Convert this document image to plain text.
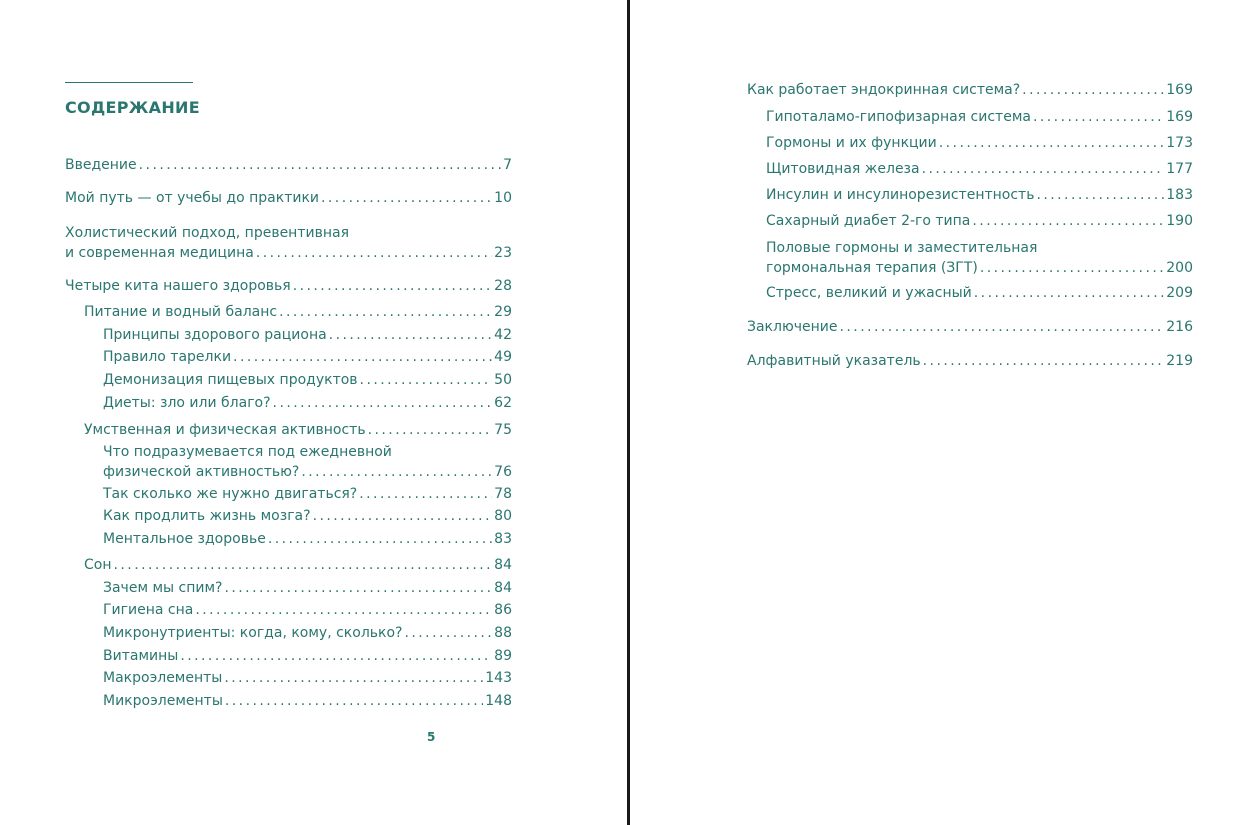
СОДЕРЖАНИЕ
Введение . . .	7
Мой путь — от учебы до практики . . .	10
Холистический подход, превентивная
и современная медицина . . .	23
Четыре кита нашего здоровья . . .	28
Питание и водный баланс . . .	29
Принципы здорового рациона . . .	42
Правило тарелки . . .	49
Демонизация пищевых продуктов . . .	50
Диеты: зло или благо? . . .	62
Умственная и физическая активность . . .	75
Что подразумевается под ежедневной
физической активностью? . . .	76
Так сколько же нужно двигаться? . . .	78
Как продлить жизнь мозга? . . .	80
Ментальное здоровье . . .	83
Сон . . .	84
Зачем мы спим? . . .	84
Гигиена сна . . .	86
Микронутриенты: когда, кому, сколько? . . .	88
Витамины . . .	89
Макроэлементы . . .	143
Микроэлементы . . .	148
5
Как работает эндокринная система? . . .	169
Гипоталамо-гипофизарная система . . .	169
Гормоны и их функции . . .	173
Щитовидная железа . . .	177
Инсулин и инсулинорезистентность . . .	183
Сахарный диабет 2-го типа . . .	190
Половые гормоны и заместительная
гормональная терапия (ЗГТ) . . .	200
Стресс, великий и ужасный . . .	209
Заключение . . .	216
Алфавитный указатель . . .	219
